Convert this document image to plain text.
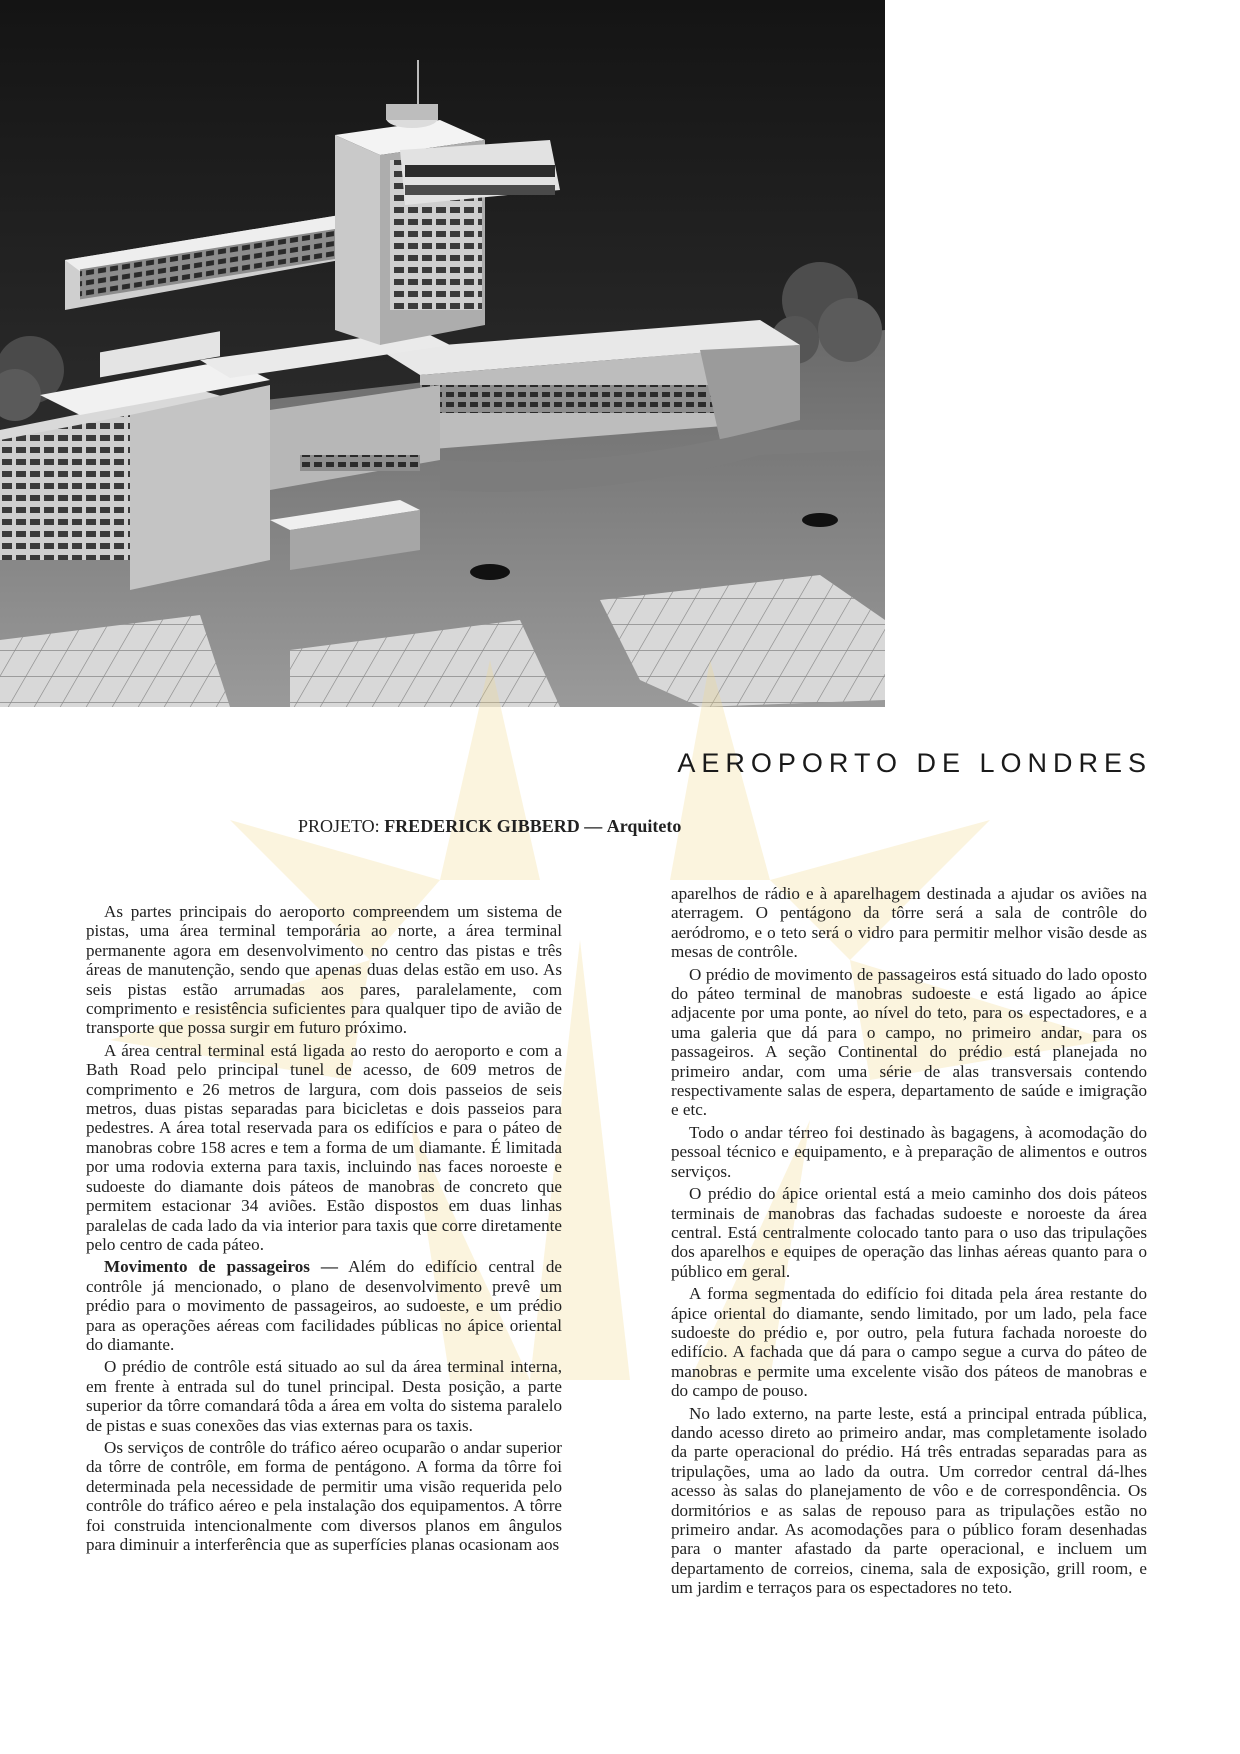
AEROPORTO DE LONDRES
PROJETO: FREDERICK GIBBERD — Arquiteto

As partes principais do aeroporto compreendem um sistema de pistas, uma área terminal temporária ao norte, a área terminal permanente agora em desenvolvimento no centro das pistas e três áreas de manutenção, sendo que apenas duas delas estão em uso. As seis pistas estão arrumadas aos pares, paralelamente, com comprimento e resistência suficientes para qualquer tipo de avião de transporte que possa surgir em futuro próximo.

A área central terminal está ligada ao resto do aeroporto e com a Bath Road pelo principal tunel de acesso, de 609 metros de comprimento e 26 metros de largura, com dois passeios de seis metros, duas pistas separadas para bicicletas e dois passeios para pedestres. A área total reservada para os edifícios e para o páteo de manobras cobre 158 acres e tem a forma de um diamante. É limitada por uma rodovia externa para taxis, incluindo nas faces noroeste e sudoeste do diamante dois páteos de manobras de concreto que permitem estacionar 34 aviões. Estão dispostos em duas linhas paralelas de cada lado da via interior para taxis que corre diretamente pelo centro de cada páteo.

Movimento de passageiros — Além do edifício central de contrôle já mencionado, o plano de desenvolvimento prevê um prédio para o movimento de passageiros, ao sudoeste, e um prédio para as operações aéreas com facilidades públicas no ápice oriental do diamante.

O prédio de contrôle está situado ao sul da área terminal interna, em frente à entrada sul do tunel principal. Desta posição, a parte superior da tôrre comandará tôda a área em volta do sistema paralelo de pistas e suas conexões das vias externas para os taxis.

Os serviços de contrôle do tráfico aéreo ocuparão o andar superior da tôrre de contrôle, em forma de pentágono. A forma da tôrre foi determinada pela necessidade de permitir uma visão requerida pelo contrôle do tráfico aéreo e pela instalação dos equipamentos. A tôrre foi construida intencionalmente com diversos planos em ângulos para diminuir a interferência que as superfícies planas ocasionam aos

aparelhos de rádio e à aparelhagem destinada a ajudar os aviões na aterragem. O pentágono da tôrre será a sala de contrôle do aeródromo, e o teto será o vidro para permitir melhor visão desde as mesas de contrôle.

O prédio de movimento de passageiros está situado do lado oposto do páteo terminal de manobras sudoeste e está ligado ao ápice adjacente por uma ponte, ao nível do teto, para os espectadores, e a uma galeria que dá para o campo, no primeiro andar, para os passageiros. A seção Continental do prédio está planejada no primeiro andar, com uma série de alas transversais contendo respectivamente salas de espera, departamento de saúde e imigração e etc.

Todo o andar térreo foi destinado às bagagens, à acomodação do pessoal técnico e equipamento, e à preparação de alimentos e outros serviços.

O prédio do ápice oriental está a meio caminho dos dois páteos terminais de manobras das fachadas sudoeste e noroeste da área central. Está centralmente colocado tanto para o uso das tripulações dos aparelhos e equipes de operação das linhas aéreas quanto para o público em geral.

A forma segmentada do edifício foi ditada pela área restante do ápice oriental do diamante, sendo limitado, por um lado, pela face sudoeste do prédio e, por outro, pela futura fachada noroeste do edifício. A fachada que dá para o campo segue a curva do páteo de manobras e permite uma excelente visão dos páteos de manobras e do campo de pouso.

No lado externo, na parte leste, está a principal entrada pública, dando acesso direto ao primeiro andar, mas completamente isolado da parte operacional do prédio. Há três entradas separadas para as tripulações, uma ao lado da outra. Um corredor central dá-lhes acesso às salas do planejamento de vôo e de correspondência. Os dormitórios e as salas de repouso para as tripulações estão no primeiro andar. As acomodações para o público foram desenhadas para o manter afastado da parte operacional, e incluem um departamento de correios, cinema, sala de exposição, grill room, e um jardim e terraços para os espectadores no teto.
